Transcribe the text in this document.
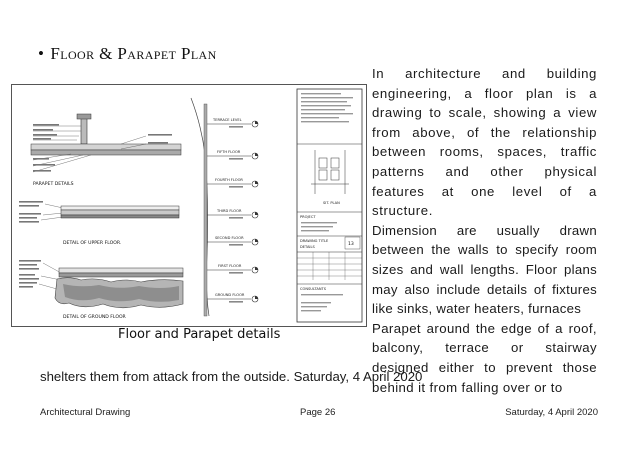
• Floor & Parapet Plan
PARAPET DETAILS
DETAIL OF UPPER FLOOR.
DETAIL OF GROUND FLOOR
TERRACE LEVEL
FIFTH FLOOR
FOURTH FLOOR
THIRD FLOOR
SECOND FLOOR
FIRST FLOOR
GROUND FLOOR
SIT. PLAN
PROJECT
DRAWING TITLE
DETAILS	13
CONSULTANTS
Floor and Parapet details

In architecture and building engineering, a floor plan is a drawing to scale, showing a view from above, of the relationship between rooms, spaces, traffic patterns and other physical features at one level of a structure.

Dimension are usually drawn between the walls to specify room sizes and wall lengths. Floor plans may also include details of fixtures like sinks, water heaters, furnaces

Parapet around the edge of a roof, balcony, terrace or stairway designed either to prevent those behind it from falling over or to

shelters them from attack from the outside. Saturday, 4 April 2020
Architectural Drawing	Page 26	Saturday, 4 April 2020
